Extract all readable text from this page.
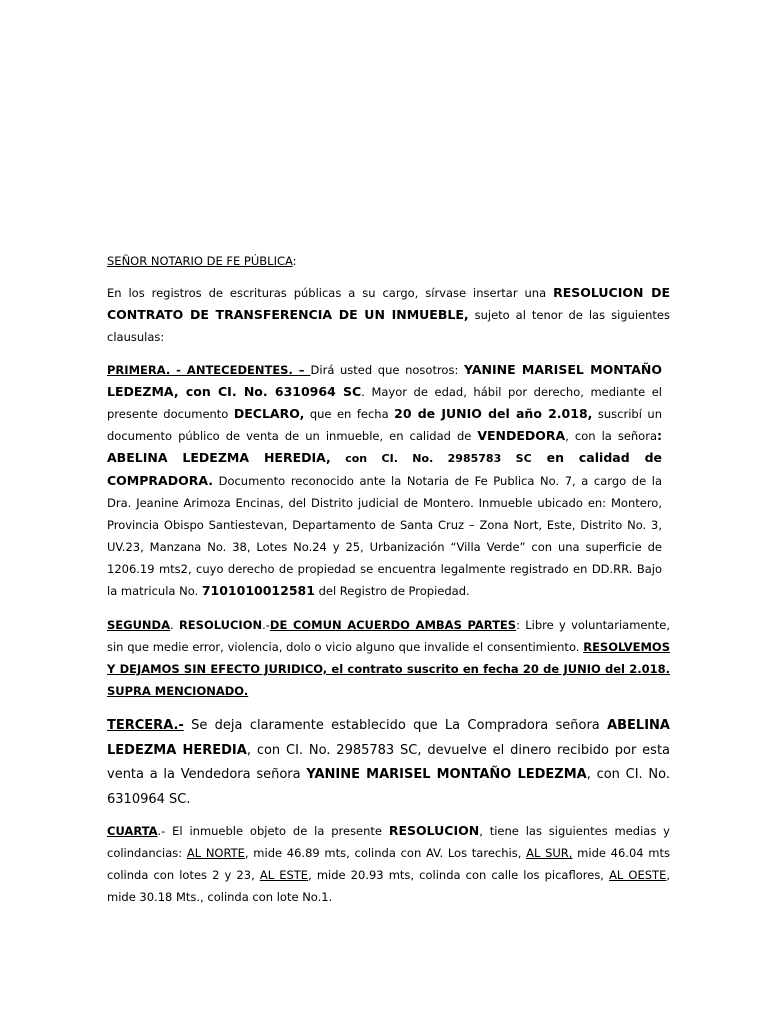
SEÑOR NOTARIO DE FE PÚBLICA:

En los registros de escrituras públicas a su cargo, sírvase insertar una RESOLUCION DE CONTRATO DE TRANSFERENCIA DE UN INMUEBLE, sujeto al tenor de las siguientes clausulas:

PRIMERA. - ANTECEDENTES. – Dirá usted que nosotros: YANINE MARISEL MONTAÑO LEDEZMA, con CI. No. 6310964 SC. Mayor de edad, hábil por derecho, mediante el presente documento DECLARO, que en fecha 20 de JUNIO del año 2.018, suscribí un documento público de venta de un inmueble, en calidad de VENDEDORA, con la señora: ABELINA LEDEZMA HEREDIA, con CI. No. 2985783 SC en calidad de COMPRADORA. Documento reconocido ante la Notaria de Fe Publica No. 7, a cargo de la Dra. Jeanine Arimoza Encinas, del Distrito judicial de Montero. Inmueble ubicado en: Montero, Provincia Obispo Santiestevan, Departamento de Santa Cruz – Zona Nort, Este, Distrito No. 3, UV.23, Manzana No. 38, Lotes No.24 y 25, Urbanización “Villa Verde” con una superficie de 1206.19 mts2, cuyo derecho de propiedad se encuentra legalmente registrado en DD.RR. Bajo la matricula No. 7101010012581 del Registro de Propiedad.

SEGUNDA. RESOLUCION.-DE COMUN ACUERDO AMBAS PARTES: Libre y voluntariamente, sin que medie error, violencia, dolo o vicio alguno que invalide el consentimiento. RESOLVEMOS Y DEJAMOS SIN EFECTO JURIDICO, el contrato suscrito en fecha 20 de JUNIO del 2.018. SUPRA MENCIONADO.

TERCERA.- Se deja claramente establecido que La Compradora señora ABELINA LEDEZMA HEREDIA, con CI. No. 2985783 SC, devuelve el dinero recibido por esta venta a la Vendedora señora YANINE MARISEL MONTAÑO LEDEZMA, con CI. No. 6310964 SC.

CUARTA.- El inmueble objeto de la presente RESOLUCION, tiene las siguientes medias y colindancias: AL NORTE, mide 46.89 mts, colinda con AV. Los tarechis, AL SUR, mide 46.04 mts colinda con lotes 2 y 23, AL ESTE, mide 20.93 mts, colinda con calle los picaflores, AL OESTE, mide 30.18 Mts., colinda con lote No.1.
